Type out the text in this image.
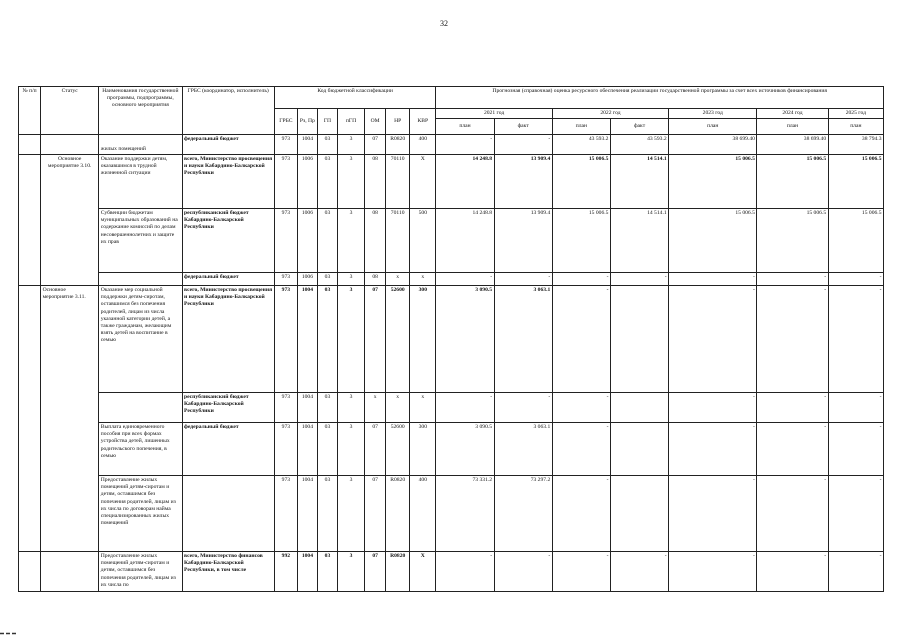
32
№ п/п	Статус	Наименования государственной программы, подпрограммы, основного мероприятия	ГРБС (координатор, исполнитель)	Код бюджетной классификации							Прогнозная (справочная) оценка ресурсного обеспечения реализации государственной программы за счет всех источников финансирования						
				ГРБС	Рз, Пр	ГП	пГП	ОМ	НР	КВР	2021 год		2022 год		2023 год	2024 год	2025 год
											план	факт	план	факт	план	план	план
		жилых помещений	федеральный бюджет	973	1004	03	3	07	R0820	400	-	-	43 593.2	43 593.2	38 699.40	38 699.40	38 794.3
	Основное мероприятие 3.10.	Оказание поддержки детям, оказавшимся в трудной жизненной ситуации	всего, Министерство просвещения и науки Кабардино-Балкарской Республики	973	1006	03	3	08	70110	Х	14 248.8	13 909.4	15 006.5	14 514.1	15 006.5	15 006.5	15 006.5
		Субвенции бюджетам муниципальных образований на содержание комиссий по делам несовершеннолетних и защите их прав	республиканский бюджет Кабардино-Балкарской Республики	973	1006	03	3	08	70110	500	14 248.8	13 909.4	15 006.5	14 514.1	15 006.5	15 006.5	15 006.5
			федеральный бюджет	973	1006	03	3	08	х	х	-	-	-	-	-	-	-
	Основное мероприятие 3.11.	Оказание мер социальной поддержки детям-сиротам, оставшимся без попечения родителей, лицам из числа указанной категории детей, а также гражданам, желающим взять детей на воспитание в семью	всего, Министерство просвещения и науки Кабардино-Балкарской Республики	973	1004	03	3	07	52600	300	3 090.5	3 063.1	-		-	-	-
			республиканский бюджет Кабардино-Балкарской Республики	973	1004	03	3	х	х	х	-	-	-		-	-	-
		Выплата единовременного пособия при всех формах устройства детей, лишенных родительского попечения, в семью	федеральный бюджет	973	1004	03	3	07	52600	300	3 090.5	3 063.1	-		-	-	-
		Предоставление жилых помещений детям-сиротам и детям, оставшимся без попечения родителей, лицам из их числа по договорам найма специализированных жилых помещений		973	1004	03	3	07	R0820	400	73 331.2	73 297.2	-		-	-	-
		Предоставление жилых помещений детям-сиротам и детям, оставшимся без попечения родителей, лицам из их числа по	всего, Министерство финансов Кабардино-Балкарской Республики, в том числе	992	1004	03	3	07	R0820	Х	-	-	-	-	-	-	-
